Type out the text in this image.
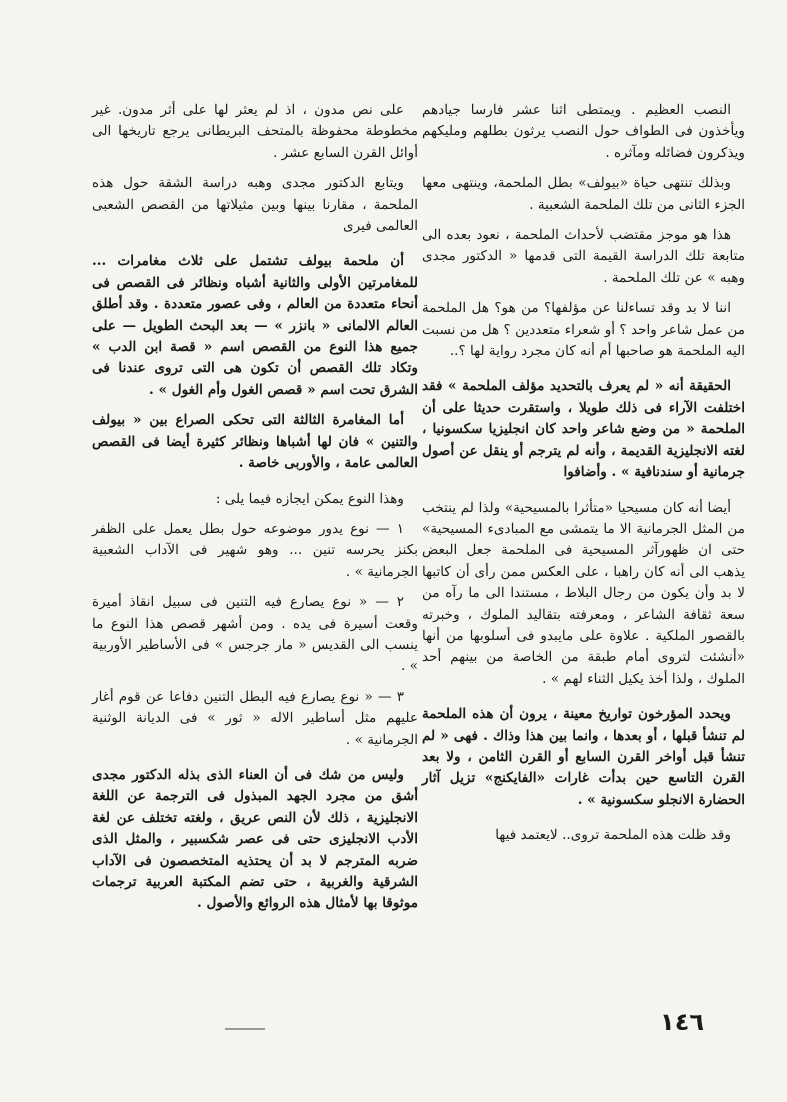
النصب العظيم . ويمتطى اثنا عشر فارسا جيادهم ويأخذون فى الطواف حول النصب يرثون بطلهم ومليكهم ويذكرون فضائله ومآثره .

وبذلك تنتهى حياة «بيولف» بطل الملحمة، وينتهى معها الجزء الثانى من تلك الملحمة الشعبية .

هذا هو موجز مقتضب لأحداث الملحمة ، نعود بعده الى متابعة تلك الدراسة القيمة التى قدمها « الدكتور مجدى وهبه » عن تلك الملحمة .

اننا لا بد وقد تساءلنا عن مؤلفها؟ من هو؟ هل الملحمة من عمل شاعر واحد ؟ أو شعراء متعددين ؟ هل من نسبت اليه الملحمة هو صاحبها أم أنه كان مجرد رواية لها ؟..

الحقيقة أنه « لم يعرف بالتحديد مؤلف الملحمة » فقد اختلفت الآراء فى ذلك طويلا ، واستقرت حديثا على أن الملحمة « من وضع شاعر واحد كان انجليزيا سكسونيا ، لغته الانجليزية القديمة ، وأنه لم يترجم أو ينقل عن أصول جرمانية أو سندنافية » . وأضافوا

أيضا أنه كان مسيحيا «متأثرا بالمسيحية» ولذا لم ينتخب من المثل الجرمانية الا ما يتمشى مع المبادىء المسيحية» حتى ان ظهورآثر المسيحية فى الملحمة جعل البعض يذهب الى أنه كان راهبا ، على العكس ممن رأى أن كاتبها لا بد وأن يكون من رجال البلاط ، مستندا الى ما رآه من سعة ثقافة الشاعر ، ومعرفته بتقاليد الملوك ، وخبرته بالقصور الملكية . علاوة على مايبدو فى أسلوبها من أنها «أنشئت لتروى أمام طبقة من الخاصة من بينهم أحد الملوك ، ولذا أخذ يكيل الثناء لهم » .

ويحدد المؤرخون تواريخ معينة ، يرون أن هذه الملحمة لم تنشأ قبلها ، أو بعدها ، وانما بين هذا وذاك . فهى « لم تنشأ قبل أواخر القرن السابع أو القرن الثامن ، ولا بعد القرن التاسع حين بدأت غارات «الفايكنج» تزيل آثار الحضارة الانجلو سكسونية » .

وقد ظلت هذه الملحمة تروى.. لايعتمد فيها

على نص مدون ، اذ لم يعثر لها على أثر مدون. غير مخطوطة محفوظة بالمتحف البريطانى يرجع تاريخها الى أوائل القرن السابع عشر .

ويتابع الدكتور مجدى وهبه دراسة الشقة حول هذه الملحمة ، مقارنا بينها وبين مثيلاتها من القصص الشعبى العالمى فيرى

أن ملحمة بيولف تشتمل على ثلاث مغامرات ... للمغامرتين الأولى والثانية أشباه ونظائر فى القصص فى أنحاء متعددة من العالم ، وفى عصور متعددة . وقد أطلق العالم الالمانى « بانزر » — بعد البحث الطويل — على جميع هذا النوع من القصص اسم « قصة ابن الدب » وتكاد تلك القصص أن تكون هى التى تروى عندنا فى الشرق تحت اسم « قصص الغول وأم الغول » .

أما المغامرة الثالثة التى تحكى الصراع بين « بيولف والتنين » فان لها أشباها ونظائر كثيرة أيضا فى القصص العالمى عامة ، والأوربى خاصة .

وهذا النوع يمكن ايجازه فيما يلى :

١ — نوع يدور موضوعه حول بطل يعمل على الظفر بكنز يحرسه تنين ... وهو شهير فى الآداب الشعبية الجرمانية » .

٢ — « نوع يصارع فيه التنين فى سبيل انقاذ أميرة وقعت أسيرة فى يده . ومن أشهر قصص هذا النوع ما ينسب الى القديس « مار جرجس » فى الأساطير الأوربية » .

٣ — « نوع يصارع فيه البطل التنين دفاعا عن قوم أغار عليهم مثل أساطير الاله « ثور » فى الديانة الوثنية الجرمانية » .

وليس من شك فى أن العناء الذى بذله الدكتور مجدى أشق من مجرد الجهد المبذول فى الترجمة عن اللغة الانجليزية ، ذلك لأن النص عريق ، ولغته تختلف عن لغة الأدب الانجليزى حتى فى عصر شكسبير ، والمثل الذى ضربه المترجم لا بد أن يحتذيه المتخصصون فى الآداب الشرقية والغربية ، حتى تضم المكتبة العربية ترجمات موثوقا بها لأمثال هذه الروائع والأصول .

١٤٦
